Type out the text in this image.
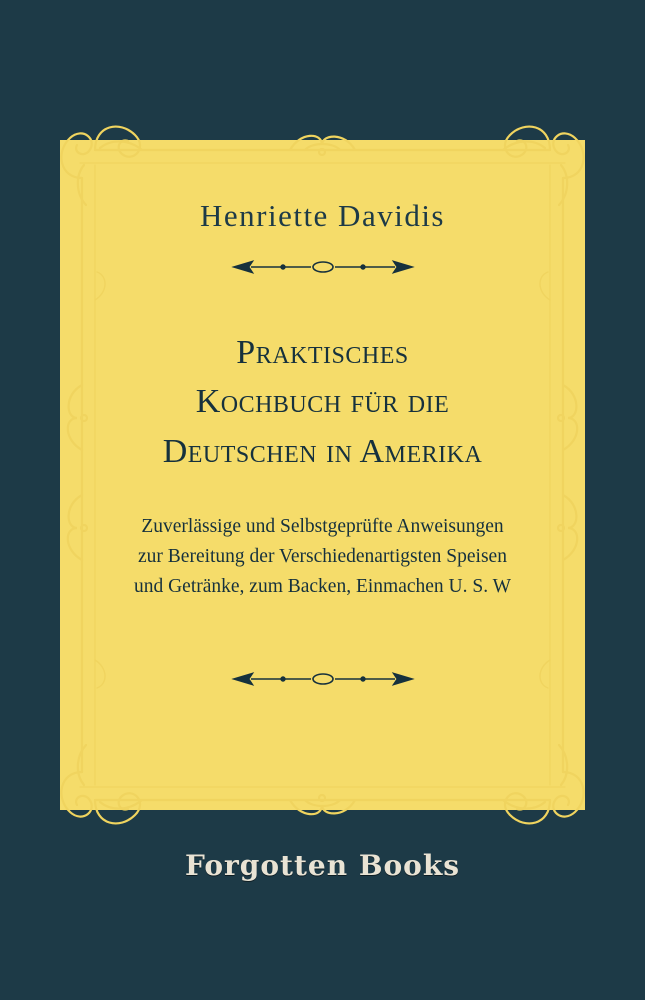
Henriette Davidis
Praktisches
Kochbuch für die
Deutschen in Amerika
Zuverlässige und Selbstgeprüfte Anweisungen
zur Bereitung der Verschiedenartigsten Speisen
und Getränke, zum Backen, Einmachen U. S. W
Forgotten Books
